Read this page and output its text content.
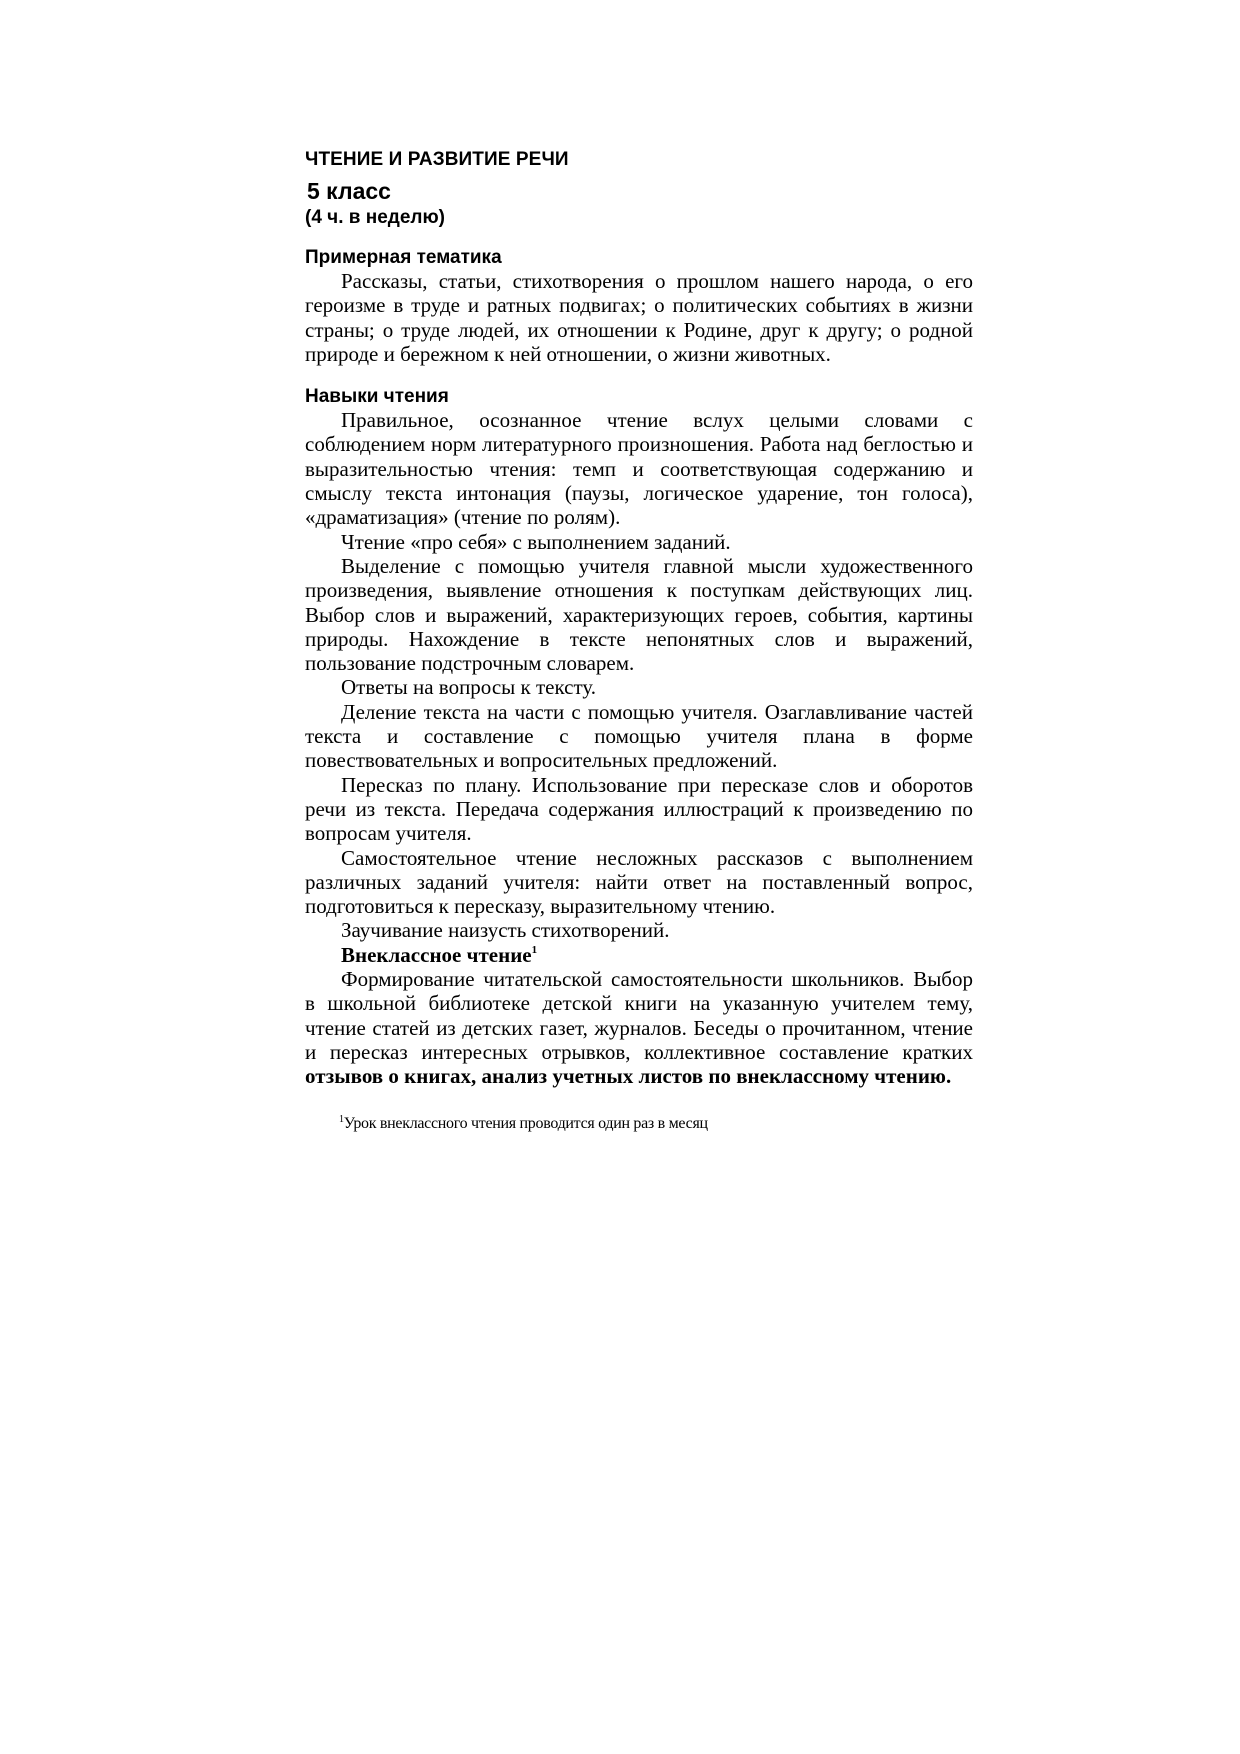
ЧТЕНИЕ И РАЗВИТИЕ РЕЧИ
5 класс
(4 ч. в неделю)
Примерная тематика

Рассказы, статьи, стихотворения о прошлом нашего народа, о его героизме в труде и ратных подвигах; о политических событиях в жизни страны; о труде людей, их отношении к Родине, друг к другу; о родной природе и бережном к ней отношении, о жизни животных.

Навыки чтения

Правильное, осознанное чтение вслух целыми словами с соблюдением норм литературного произношения. Работа над беглостью и выразительностью чтения: темп и соответствующая содержанию и смыслу текста интонация (паузы, логическое ударение, тон голоса), «драматизация» (чтение по ролям).

Чтение «про себя» с выполнением заданий.

Выделение с помощью учителя главной мысли художественного произведения, выявление отношения к поступкам действующих лиц. Выбор слов и выражений, характеризующих героев, события, картины природы. Нахождение в тексте непонятных слов и выражений, пользование подстрочным словарем.

Ответы на вопросы к тексту.

Деление текста на части с помощью учителя. Озаглавливание частей текста и составление с помощью учителя плана в форме повествовательных и вопросительных предложений.

Пересказ по плану. Использование при пересказе слов и оборотов речи из текста. Передача содержания иллюстраций к произведению по вопросам учителя.

Самостоятельное чтение несложных рассказов с выполнением различных заданий учителя: найти ответ на поставленный вопрос, подготовиться к пересказу, выразительному чтению.

Заучивание наизусть стихотворений.

Внеклассное чтение$^1$

Формирование читательской самостоятельности школьников. Выбор в школьной библиотеке детской книги на указанную учителем тему, чтение статей из детских газет, журналов. Беседы о прочитанном, чтение и пересказ интересных отрывков, коллективное составление кратких отзывов о книгах, анализ учетных листов по внеклассному чтению.

$^1$Урок внеклассного чтения проводится один раз в месяц
